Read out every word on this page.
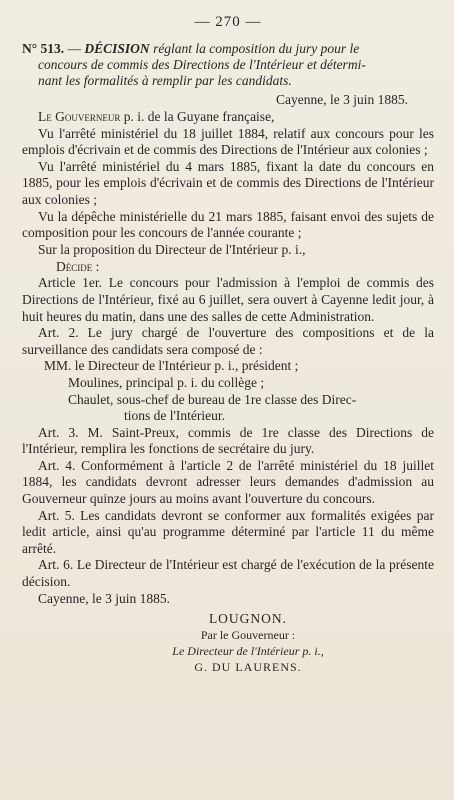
— 270 —
N° 513. — DÉCISION réglant la composition du jury pour le
concours de commis des Directions de l'Intérieur et détermi-
nant les formalités à remplir par les candidats.
Cayenne, le 3 juin 1885.
Le Gouverneur p. i. de la Guyane française,
Vu l'arrêté ministériel du 18 juillet 1884, relatif aux concours pour les emplois d'écrivain et de commis des Directions de l'Intérieur aux colonies ;
Vu l'arrêté ministériel du 4 mars 1885, fixant la date du concours en 1885, pour les emplois d'écrivain et de commis des Directions de l'Intérieur aux colonies ;
Vu la dépêche ministérielle du 21 mars 1885, faisant envoi des sujets de composition pour les concours de l'année courante ;
Sur la proposition du Directeur de l'Intérieur p. i.,
Décide :
Article 1er. Le concours pour l'admission à l'emploi de commis des Directions de l'Intérieur, fixé au 6 juillet, sera ouvert à Cayenne ledit jour, à huit heures du matin, dans une des salles de cette Administration.
Art. 2. Le jury chargé de l'ouverture des compositions et de la surveillance des candidats sera composé de :
MM. le Directeur de l'Intérieur p. i., président ;
Moulines, principal p. i. du collège ;
Chaulet, sous-chef de bureau de 1re classe des Direc-
tions de l'Intérieur.
Art. 3. M. Saint-Preux, commis de 1re classe des Directions de l'Intérieur, remplira les fonctions de secrétaire du jury.
Art. 4. Conformément à l'article 2 de l'arrêté ministériel du 18 juillet 1884, les candidats devront adresser leurs demandes d'admission au Gouverneur quinze jours au moins avant l'ouverture du concours.
Art. 5. Les candidats devront se conformer aux formalités exigées par ledit article, ainsi qu'au programme déterminé par l'article 11 du même arrêté.
Art. 6. Le Directeur de l'Intérieur est chargé de l'exécution de la présente décision.
Cayenne, le 3 juin 1885.
LOUGNON.
Par le Gouverneur :
Le Directeur de l'Intérieur p. i.,
G. DU LAURENS.
